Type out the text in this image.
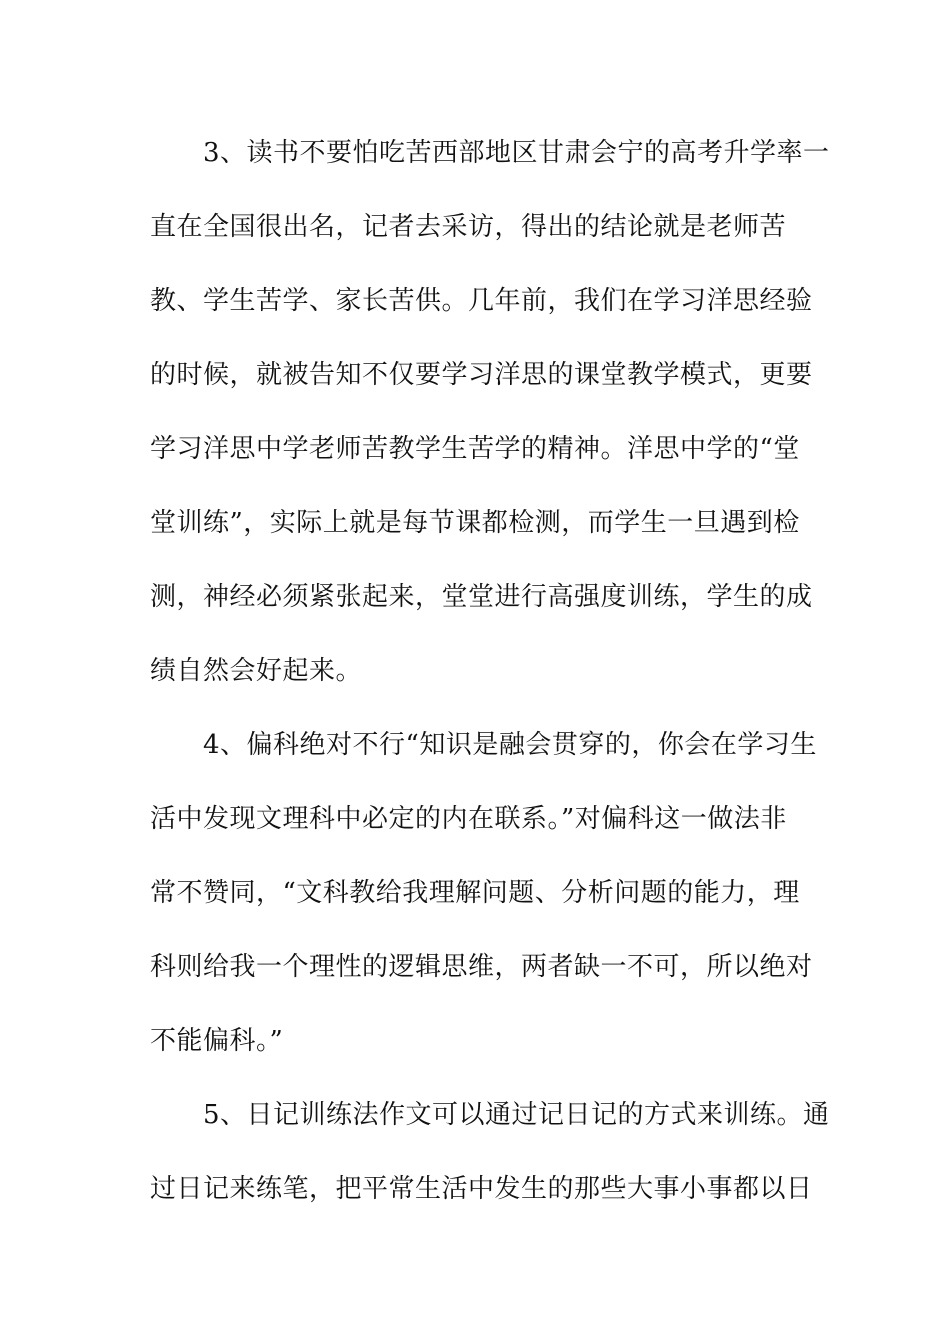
3、读书不要怕吃苦西部地区甘肃会宁的高考升学率一
直在全国很出名，记者去采访，得出的结论就是老师苦
教、学生苦学、家长苦供。几年前，我们在学习洋思经验
的时候，就被告知不仅要学习洋思的课堂教学模式，更要
学习洋思中学老师苦教学生苦学的精神。洋思中学的“堂
堂训练”，实际上就是每节课都检测，而学生一旦遇到检
测，神经必须紧张起来，堂堂进行高强度训练，学生的成
绩自然会好起来。
4、偏科绝对不行“知识是融会贯穿的，你会在学习生
活中发现文理科中必定的内在联系。”对偏科这一做法非
常不赞同，“文科教给我理解问题、分析问题的能力，理
科则给我一个理性的逻辑思维，两者缺一不可，所以绝对
不能偏科。”
5、日记训练法作文可以通过记日记的方式来训练。通
过日记来练笔，把平常生活中发生的那些大事小事都以日
